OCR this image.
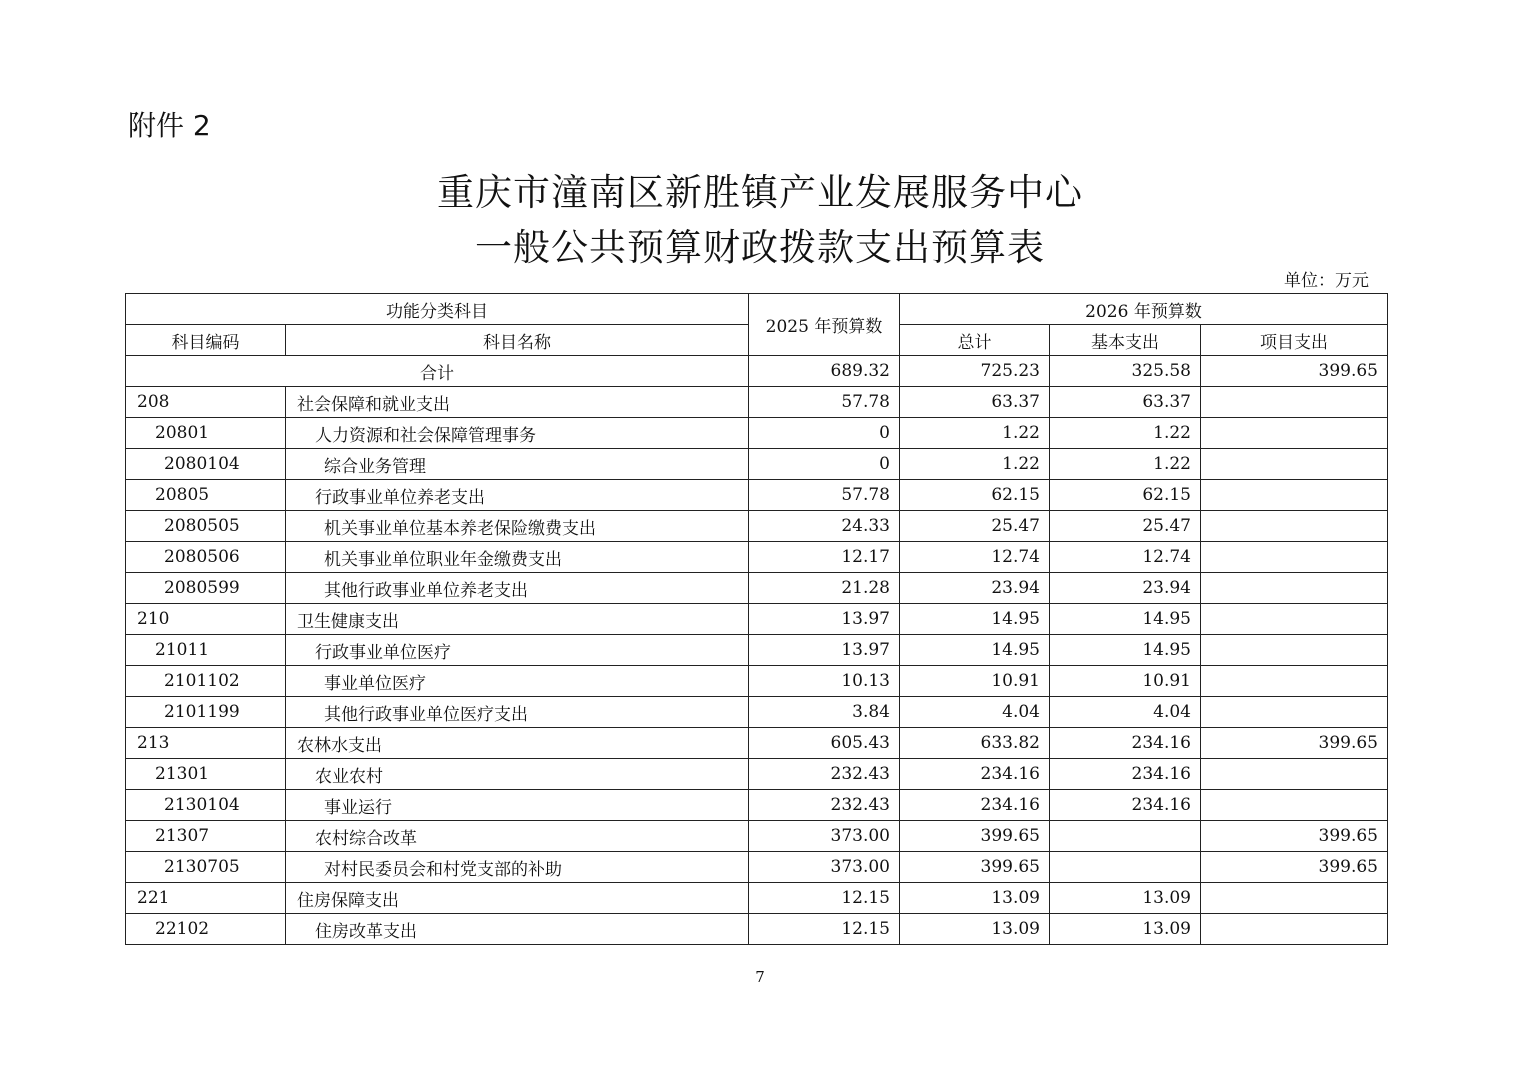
附件 2
重庆市潼南区新胜镇产业发展服务中心
一般公共预算财政拨款支出预算表
单位：万元
功能分类科目		2025 年预算数	2026 年预算数		
科目编码	科目名称		总计	基本支出	项目支出
合计		689.32	725.23	325.58	399.65
208	社会保障和就业支出	57.78	63.37	63.37	
20801	人力资源和社会保障管理事务	0	1.22	1.22	
2080104	综合业务管理	0	1.22	1.22	
20805	行政事业单位养老支出	57.78	62.15	62.15	
2080505	机关事业单位基本养老保险缴费支出	24.33	25.47	25.47	
2080506	机关事业单位职业年金缴费支出	12.17	12.74	12.74	
2080599	其他行政事业单位养老支出	21.28	23.94	23.94	
210	卫生健康支出	13.97	14.95	14.95	
21011	行政事业单位医疗	13.97	14.95	14.95	
2101102	事业单位医疗	10.13	10.91	10.91	
2101199	其他行政事业单位医疗支出	3.84	4.04	4.04	
213	农林水支出	605.43	633.82	234.16	399.65
21301	农业农村	232.43	234.16	234.16	
2130104	事业运行	232.43	234.16	234.16	
21307	农村综合改革	373.00	399.65		399.65
2130705	对村民委员会和村党支部的补助	373.00	399.65		399.65
221	住房保障支出	12.15	13.09	13.09	
22102	住房改革支出	12.15	13.09	13.09	
7
